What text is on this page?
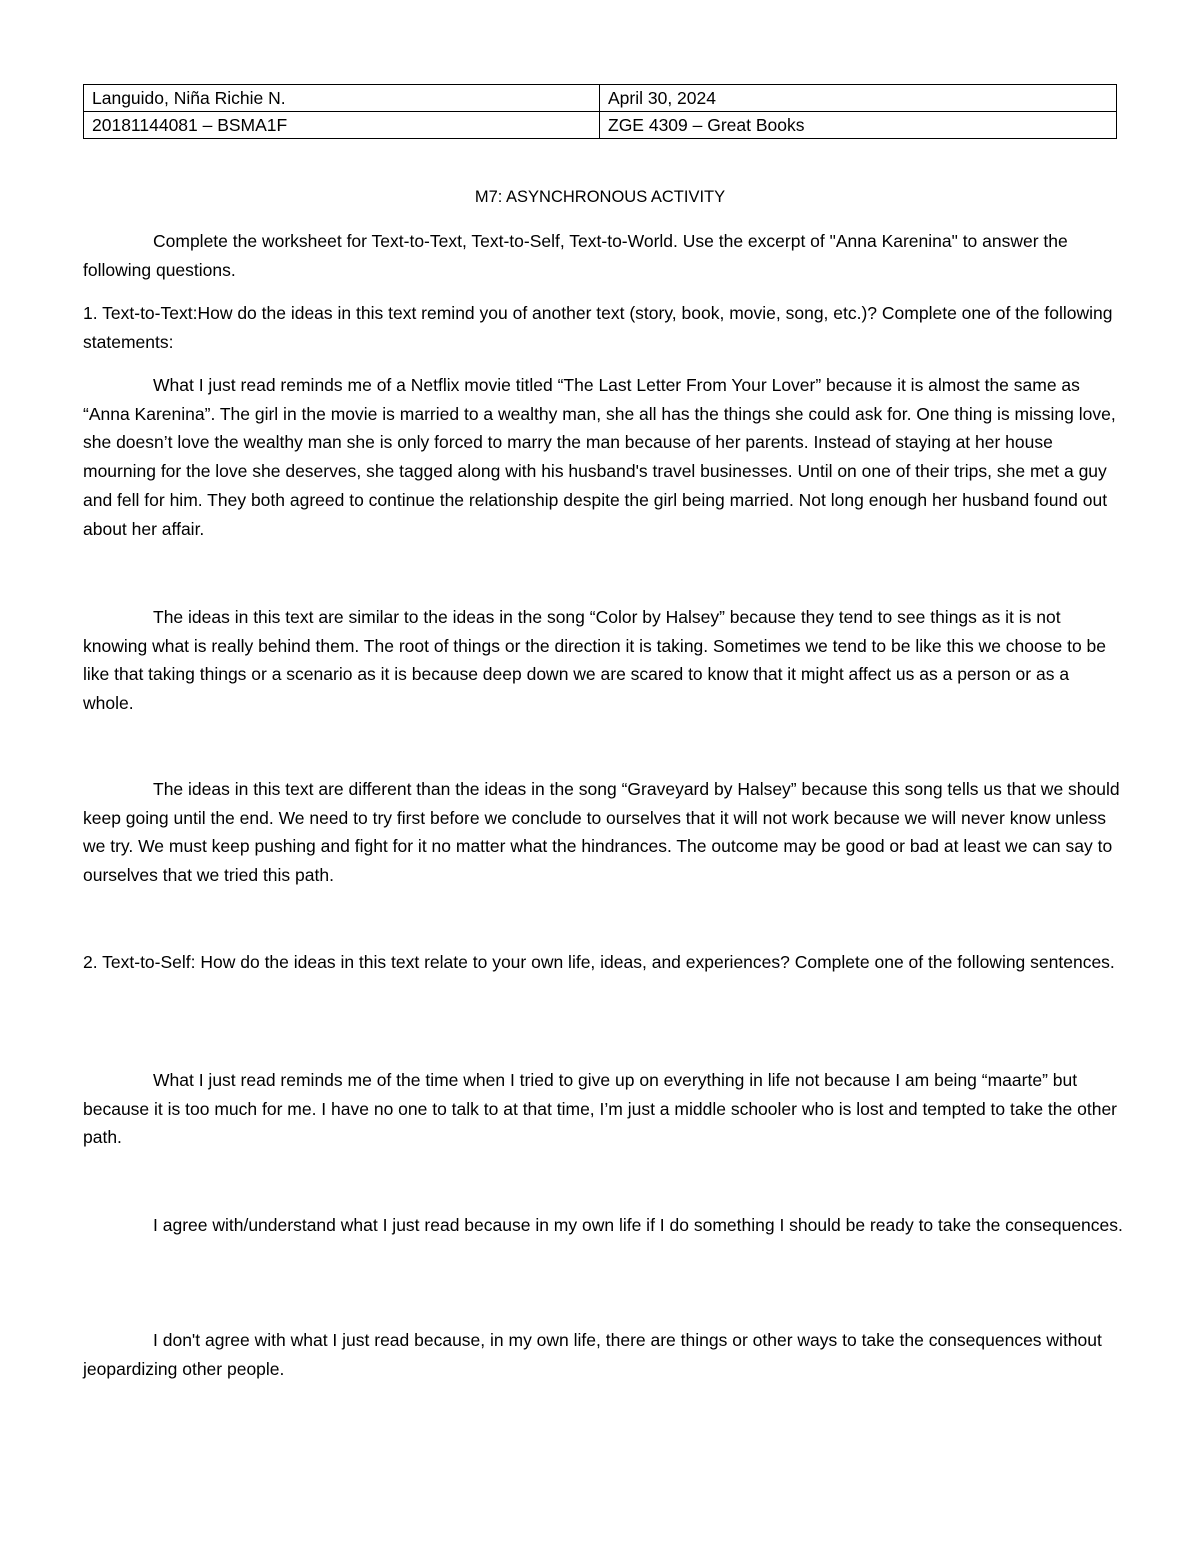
Languido, Niña Richie N.	April 30, 2024
20181144081 – BSMA1F	ZGE 4309 – Great Books

M7: ASYNCHRONOUS ACTIVITY

Complete the worksheet for Text-to-Text, Text-to-Self, Text-to-World. Use the excerpt of "Anna Karenina" to answer the following questions.

1. Text-to-Text:How do the ideas in this text remind you of another text (story, book, movie, song, etc.)? Complete one of the following statements:

What I just read reminds me of a Netflix movie titled “The Last Letter From Your Lover” because it is almost the same as “Anna Karenina”. The girl in the movie is married to a wealthy man, she all has the things she could ask for. One thing is missing love, she doesn’t love the wealthy man she is only forced to marry the man because of her parents. Instead of staying at her house mourning for the love she deserves, she tagged along with his husband's travel businesses. Until on one of their trips, she met a guy and fell for him. They both agreed to continue the relationship despite the girl being married. Not long enough her husband found out about her affair.

The ideas in this text are similar to the ideas in the song “Color by Halsey” because they tend to see things as it is not knowing what is really behind them. The root of things or the direction it is taking. Sometimes we tend to be like this we choose to be like that taking things or a scenario as it is because deep down we are scared to know that it might affect us as a person or as a whole.

The ideas in this text are different than the ideas in the song “Graveyard by Halsey” because this song tells us that we should keep going until the end. We need to try first before we conclude to ourselves that it will not work because we will never know unless we try. We must keep pushing and fight for it no matter what the hindrances. The outcome may be good or bad at least we can say to ourselves that we tried this path.

2. Text-to-Self: How do the ideas in this text relate to your own life, ideas, and experiences? Complete one of the following sentences.

What I just read reminds me of the time when I tried to give up on everything in life not because I am being “maarte” but because it is too much for me. I have no one to talk to at that time, I’m just a middle schooler who is lost and tempted to take the other path.

I agree with/understand what I just read because in my own life if I do something I should be ready to take the consequences.

I don't agree with what I just read because, in my own life, there are things or other ways to take the consequences without jeopardizing other people.
